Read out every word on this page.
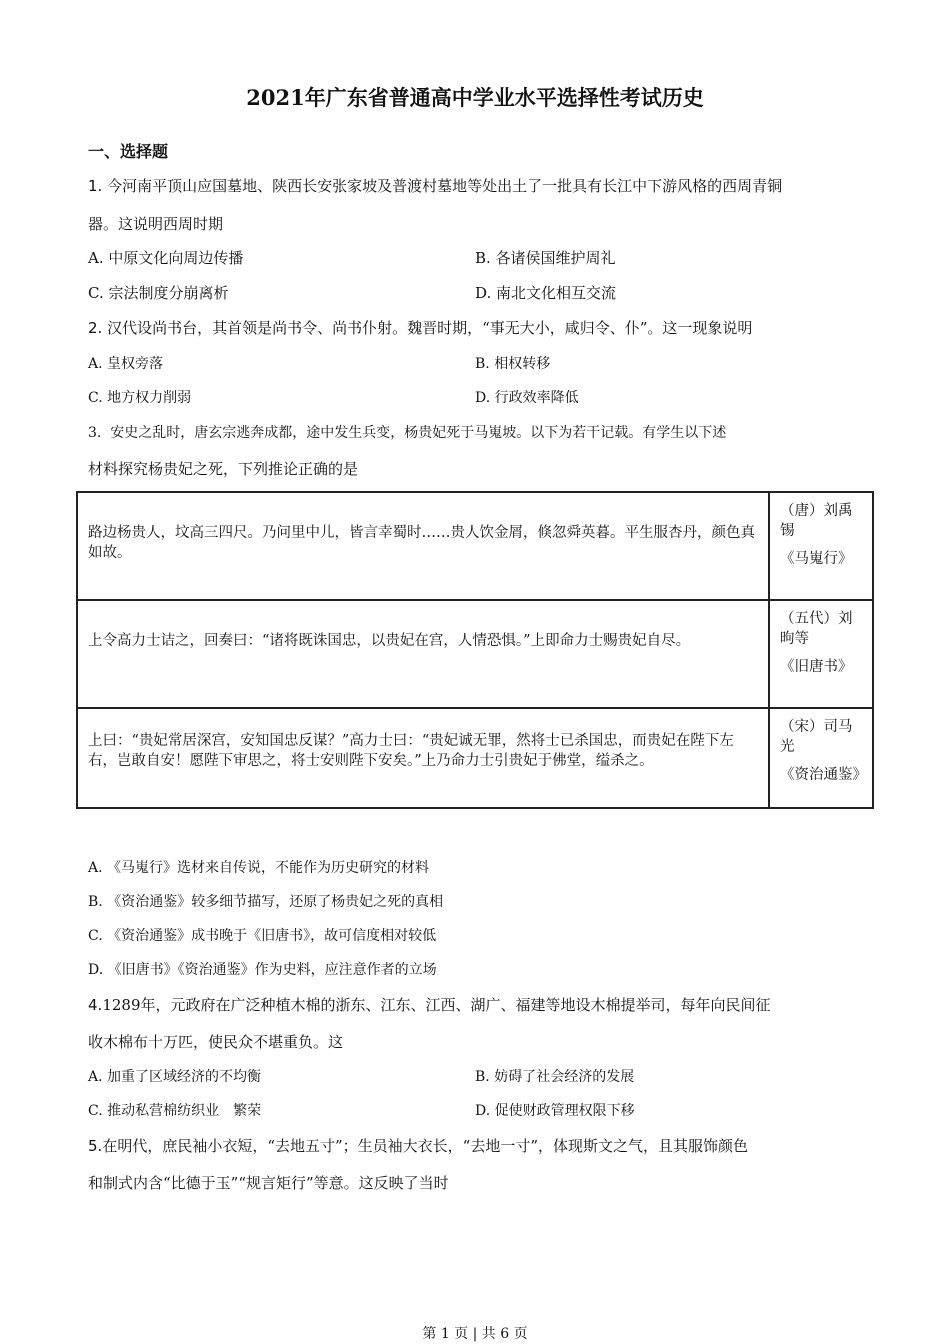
2021年广东省普通高中学业水平选择性考试历史
一、选择题
1. 今河南平顶山应国墓地、陕西长安张家坡及普渡村墓地等处出土了一批具有长江中下游风格的西周青铜
器。这说明西周时期
A. 中原文化向周边传播	B. 各诸侯国维护周礼
C. 宗法制度分崩离析	D. 南北文化相互交流
2. 汉代设尚书台，其首领是尚书令、尚书仆射。魏晋时期，“事无大小，咸归令、仆”。这一现象说明
A. 皇权旁落	B. 相权转移
C. 地方权力削弱	D. 行政效率降低
3. 安史之乱时，唐玄宗逃奔成都，途中发生兵变，杨贵妃死于马嵬坡。以下为若干记载。有学生以下述
材料探究杨贵妃之死，下列推论正确的是
路边杨贵人，坟高三四尺。乃问里中儿，皆言幸蜀时……贵人饮金屑，倏忽舜英暮。平生服杏丹，颜色真如故。	（唐）刘禹锡

《马嵬行》

上令高力士诘之，回奏曰：“诸将既诛国忠，以贵妃在宫，人情恐惧。”上即命力士赐贵妃自尽。	（五代）刘昫等

《旧唐书》

上曰：“贵妃常居深宫，安知国忠反谋？”高力士曰：“贵妃诚无罪，然将士已杀国忠，而贵妃在陛下左右，岂敢自安！愿陛下审思之，将士安则陛下安矣。”上乃命力士引贵妃于佛堂，缢杀之。	（宋）司马光

《资治通鉴》

A. 《马嵬行》选材来自传说，不能作为历史研究的材料
B. 《资治通鉴》较多细节描写，还原了杨贵妃之死的真相
C. 《资治通鉴》成书晚于《旧唐书》，故可信度相对较低
D. 《旧唐书》《资治通鉴》作为史料，应注意作者的立场
4.1289年，元政府在广泛种植木棉的浙东、江东、江西、湖广、福建等地设木棉提举司，每年向民间征
收木棉布十万匹，使民众不堪重负。这
A. 加重了区域经济的不均衡	B. 妨碍了社会经济的发展
C. 推动私营棉纺织业　繁荣	D. 促使财政管理权限下移
5.在明代，庶民袖小衣短，“去地五寸”；生员袖大衣长，“去地一寸”，体现斯文之气，且其服饰颜色
和制式内含“比德于玉”“规言矩行”等意。这反映了当时
第 1 页 | 共 6 页
